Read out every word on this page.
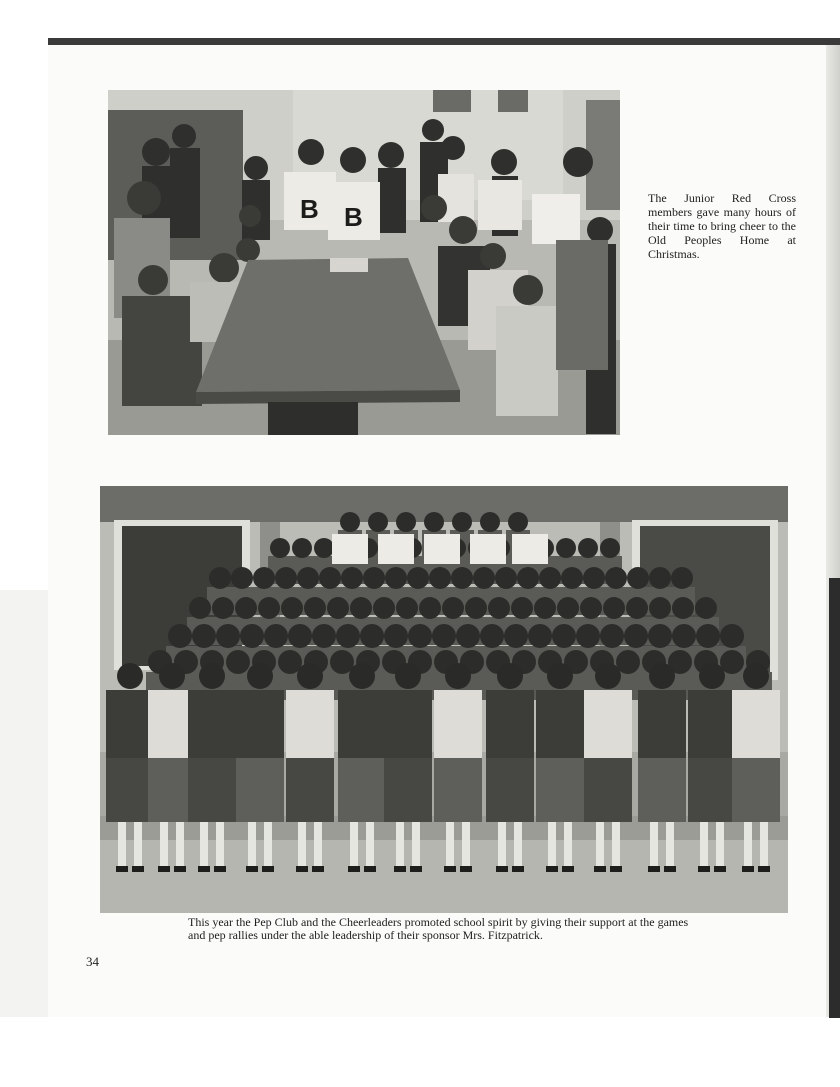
B B
The Junior Red Cross members gave many hours of their time to bring cheer to the Old Peoples Home at Christmas.
This year the Pep Club and the Cheerleaders promoted school spirit by giving their support at the games and pep rallies under the able leadership of their sponsor Mrs. Fitzpatrick.
34
